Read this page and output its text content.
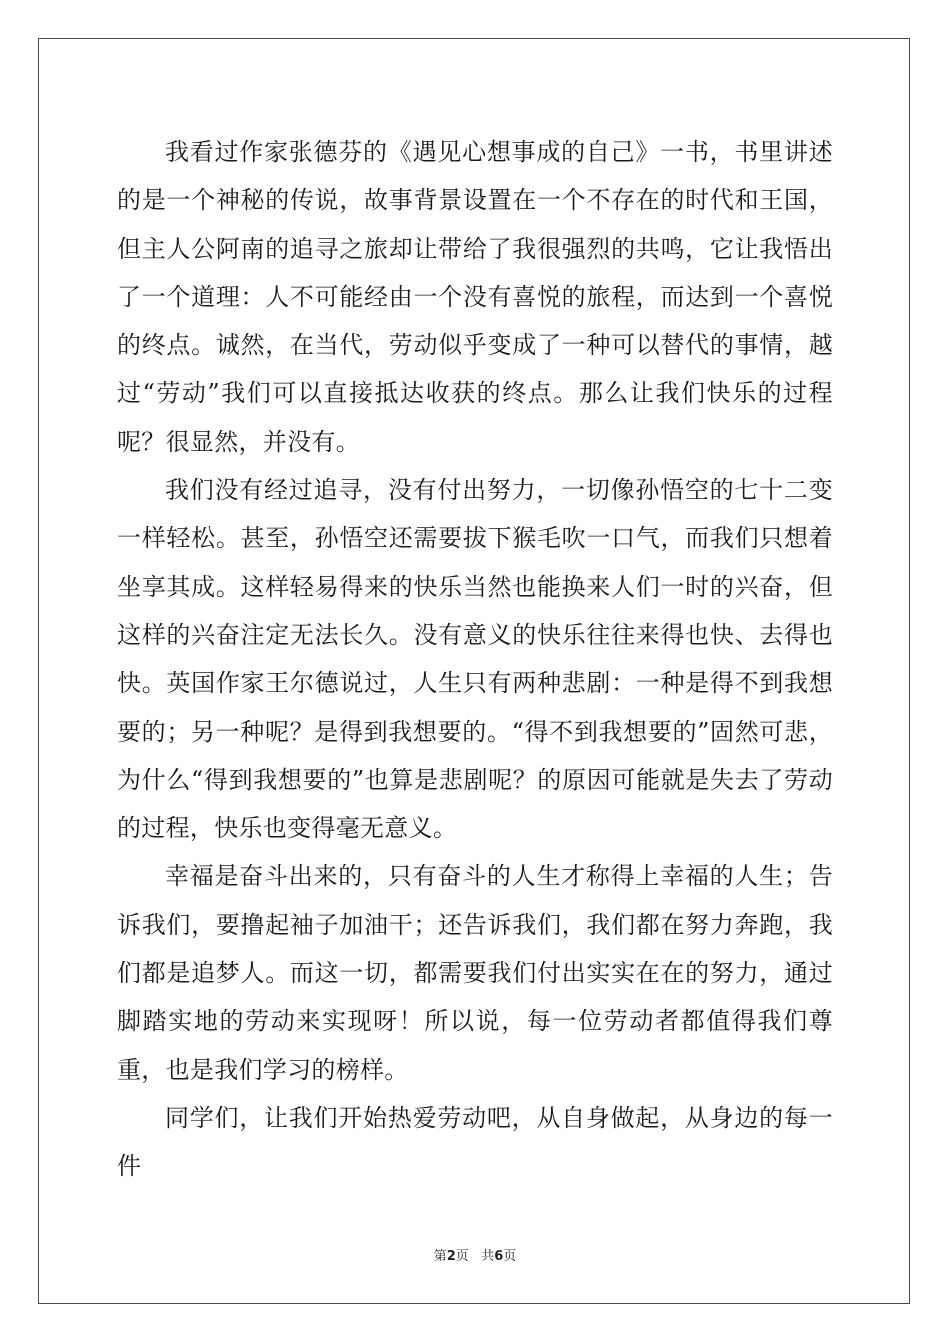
我看过作家张德芬的《遇见心想事成的自己》一书，书里讲述的是一个神秘的传说，故事背景设置在一个不存在的时代和王国，但主人公阿南的追寻之旅却让带给了我很强烈的共鸣，它让我悟出了一个道理：人不可能经由一个没有喜悦的旅程，而达到一个喜悦的终点。诚然，在当代，劳动似乎变成了一种可以替代的事情，越过“劳动”我们可以直接抵达收获的终点。那么让我们快乐的过程呢？很显然，并没有。

我们没有经过追寻，没有付出努力，一切像孙悟空的七十二变一样轻松。甚至，孙悟空还需要拔下猴毛吹一口气，而我们只想着坐享其成。这样轻易得来的快乐当然也能换来人们一时的兴奋，但这样的兴奋注定无法长久。没有意义的快乐往往来得也快、去得也快。英国作家王尔德说过，人生只有两种悲剧：一种是得不到我想要的；另一种呢？是得到我想要的。“得不到我想要的”固然可悲，为什么“得到我想要的”也算是悲剧呢？的原因可能就是失去了劳动的过程，快乐也变得毫无意义。

幸福是奋斗出来的，只有奋斗的人生才称得上幸福的人生；告诉我们，要撸起袖子加油干；还告诉我们，我们都在努力奔跑，我们都是追梦人。而这一切，都需要我们付出实实在在的努力，通过脚踏实地的劳动来实现呀！所以说，每一位劳动者都值得我们尊重，也是我们学习的榜样。

同学们，让我们开始热爱劳动吧，从自身做起，从身边的每一件

第2页 共6页
